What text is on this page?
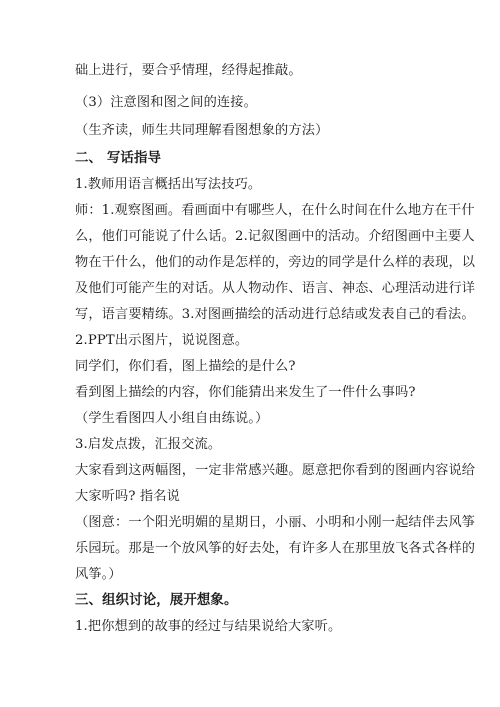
础上进行，要合乎情理，经得起推敲。
（3）注意图和图之间的连接。
（生齐读，师生共同理解看图想象的方法）
二、 写话指导
1.教师用语言概括出写法技巧。
师：1.观察图画。看画面中有哪些人，在什么时间在什么地方在干什
么，他们可能说了什么话。2.记叙图画中的活动。介绍图画中主要人
物在干什么，他们的动作是怎样的，旁边的同学是什么样的表现，以
及他们可能产生的对话。从人物动作、语言、神态、心理活动进行详
写，语言要精练。3.对图画描绘的活动进行总结或发表自己的看法。
2.PPT出示图片，说说图意。
同学们，你们看，图上描绘的是什么?
看到图上描绘的内容，你们能猜出来发生了一件什么事吗?
（学生看图四人小组自由练说。）
3.启发点拨，汇报交流。
大家看到这两幅图，一定非常感兴趣。愿意把你看到的图画内容说给
大家听吗? 指名说
（图意：一个阳光明媚的星期日，小丽、小明和小刚一起结伴去风筝
乐园玩。那是一个放风筝的好去处，有许多人在那里放飞各式各样的
风筝。）
三、组织讨论，展开想象。
1.把你想到的故事的经过与结果说给大家听。
